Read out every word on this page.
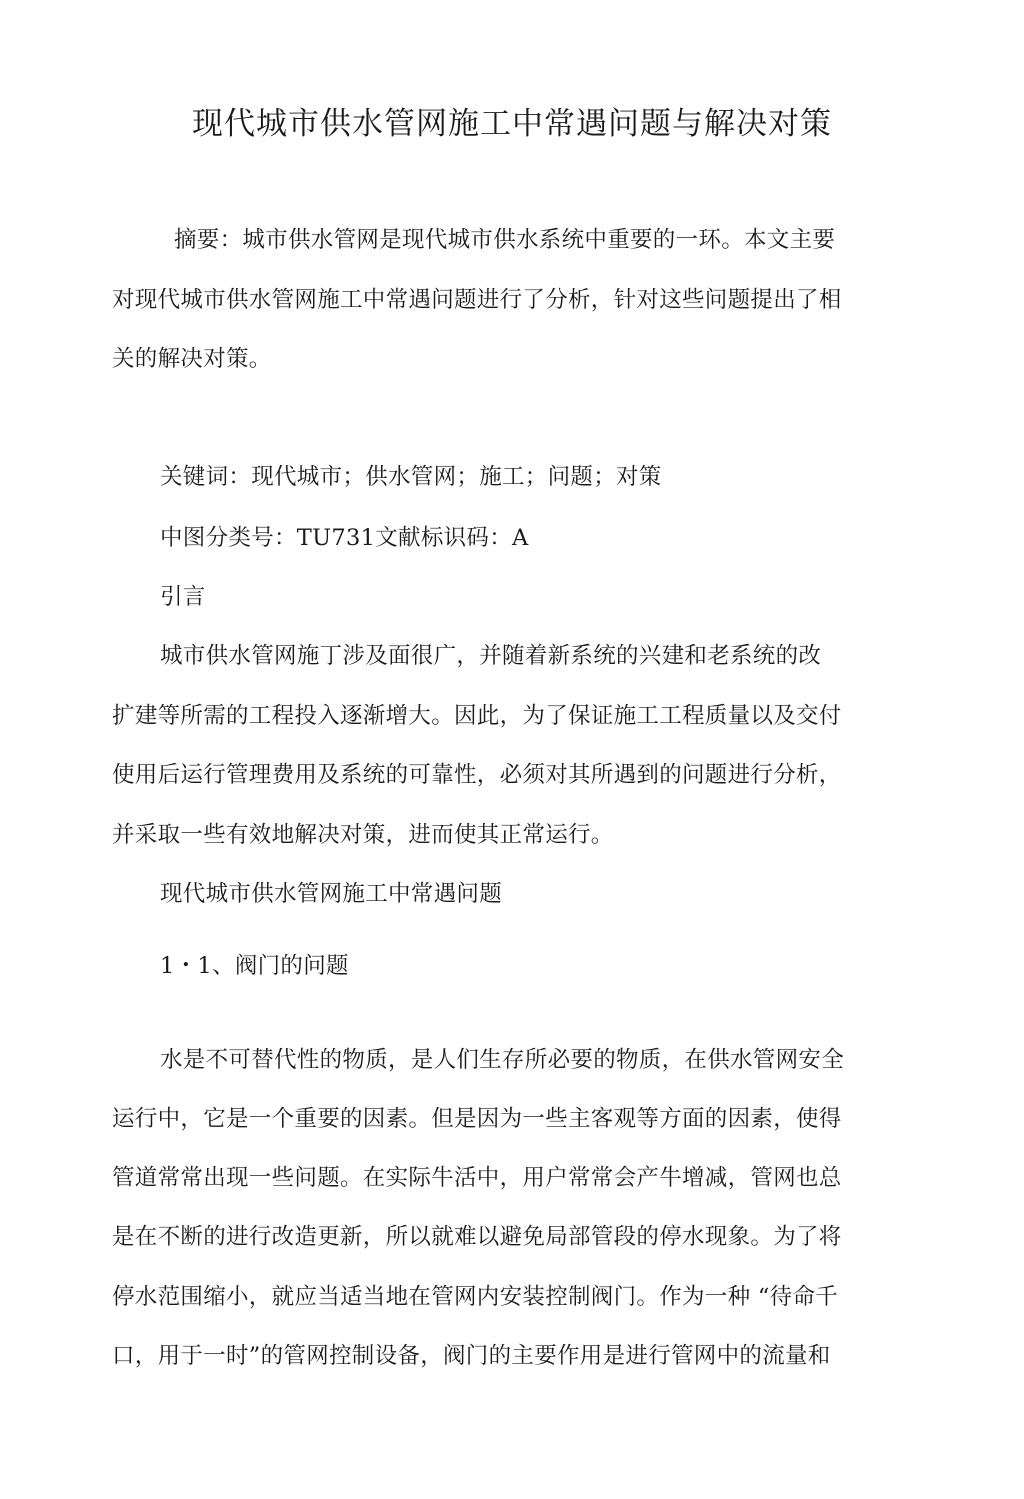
现代城市供水管网施工中常遇问题与解决对策
摘要：城市供水管网是现代城市供水系统中重要的一环。本文主要
对现代城市供水管网施工中常遇问题进行了分析，针对这些问题提出了相
关的解决对策。
关键词：现代城市；供水管网；施工；问题；对策
中图分类号：TU731文献标识码：A
引言
城市供水管网施丁涉及面很广，并随着新系统的兴建和老系统的改
扩建等所需的工程投入逐渐增大。因此，为了保证施工工程质量以及交付
使用后运行管理费用及系统的可靠性，必须对其所遇到的问题进行分析，
并采取一些有效地解决对策，进而使其正常运行。
现代城市供水管网施工中常遇问题
1・1、阀门的问题
水是不可替代性的物质，是人们生存所必要的物质，在供水管网安全
运行中，它是一个重要的因素。但是因为一些主客观等方面的因素，使得
管道常常出现一些问题。在实际牛活中，用户常常会产牛增减，管网也总
是在不断的进行改造更新，所以就难以避免局部管段的停水现象。为了将
停水范围缩小，就应当适当地在管网内安装控制阀门。作为一种 “待命千
口，用于一时”的管网控制设备，阀门的主要作用是进行管网中的流量和
